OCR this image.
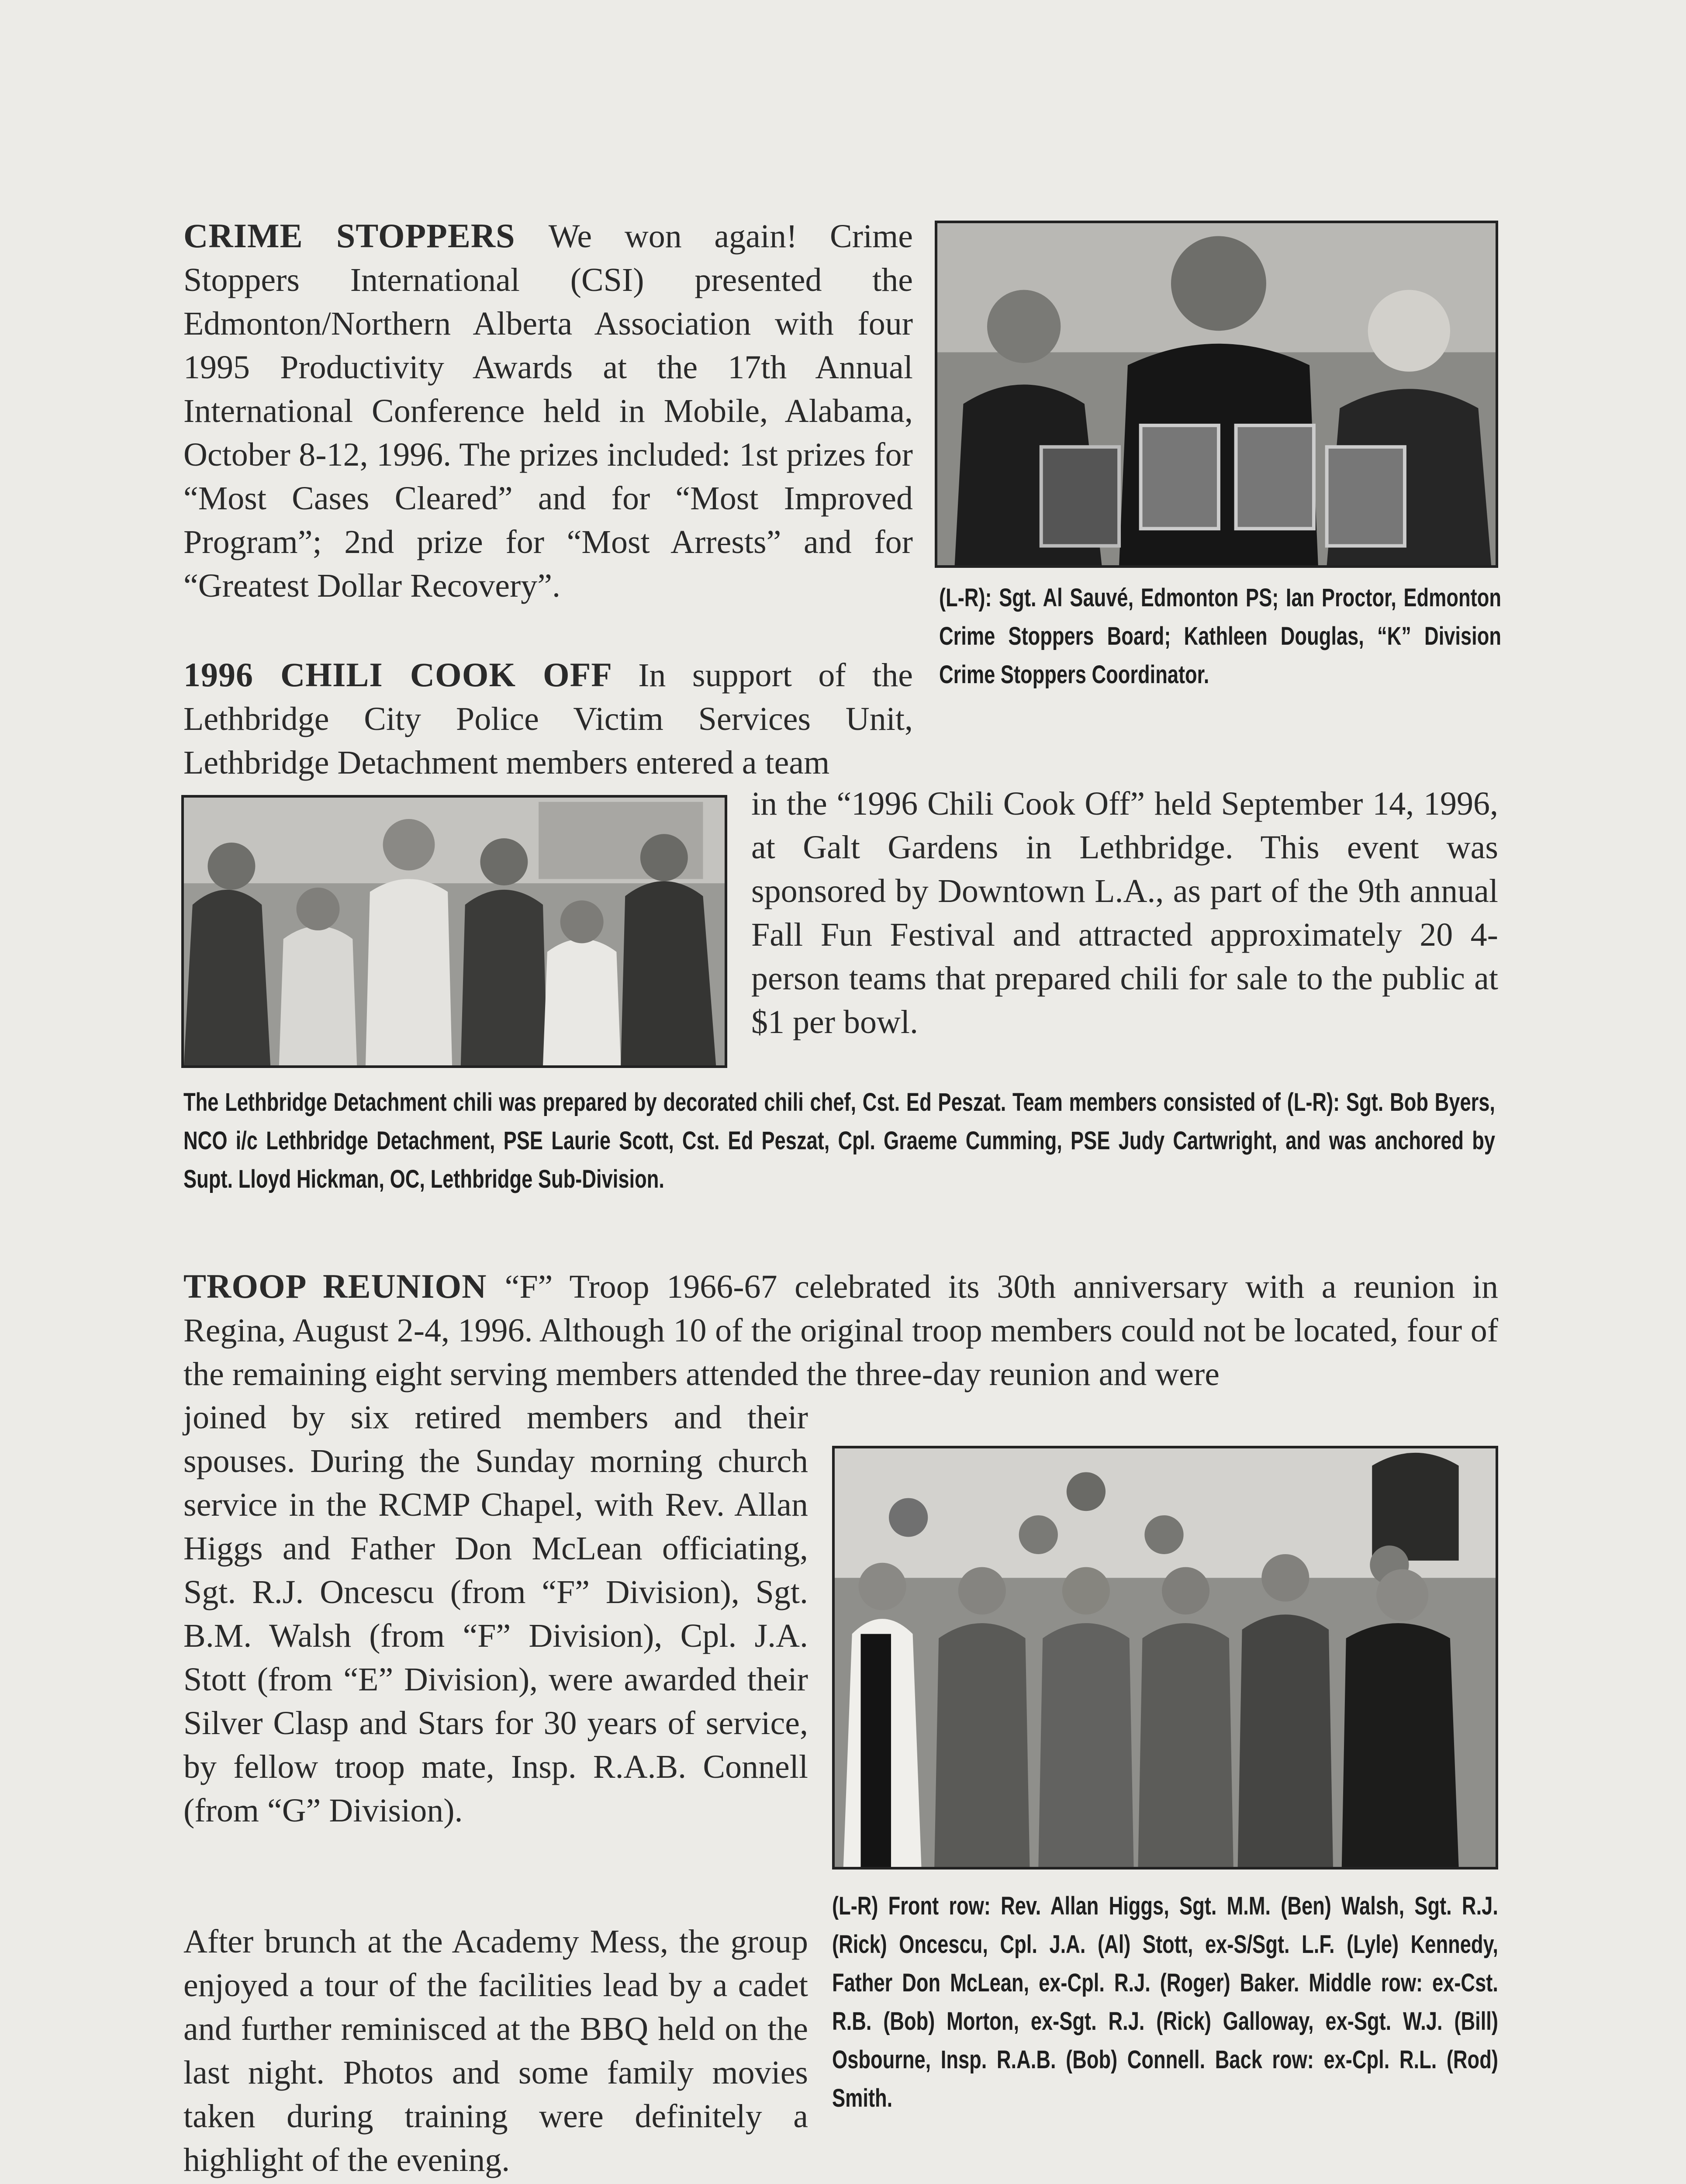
CRIME STOPPERS We won again! Crime Stoppers International (CSI) presented the Edmonton/Northern Alberta Association with four 1995 Productivity Awards at the 17th Annual International Conference held in Mobile, Alabama, October 8-12, 1996. The prizes included: 1st prizes for “Most Cases Cleared” and for “Most Improved Program”; 2nd prize for “Most Arrests” and for “Greatest Dollar Recovery”.	(L-R): Sgt. Al Sauvé, Edmonton PS; Ian Proctor, Edmonton Crime Stoppers Board; Kathleen Douglas, “K” Division Crime Stoppers Coordinator.
1996 CHILI COOK OFF In support of the Lethbridge City Police Victim Services Unit, Lethbridge Detachment members entered a team
in the “1996 Chili Cook Off” held September 14, 1996, at Galt Gardens in Lethbridge. This event was sponsored by Downtown L.A., as part of the 9th annual Fall Fun Festival and attracted approximately 20 4-person teams that prepared chili for sale to the public at $1 per bowl.
The Lethbridge Detachment chili was prepared by decorated chili chef, Cst. Ed Peszat. Team members consisted of (L-R): Sgt. Bob Byers, NCO i/c Lethbridge Detachment, PSE Laurie Scott, Cst. Ed Peszat, Cpl. Graeme Cumming, PSE Judy Cartwright, and was anchored by Supt. Lloyd Hickman, OC, Lethbridge Sub-Division.
TROOP REUNION “F” Troop 1966-67 celebrated its 30th anniversary with a reunion in Regina, August 2-4, 1996. Although 10 of the original troop members could not be located, four of the remaining eight serving members attended the three-day reunion and were
joined by six retired members and their spouses. During the Sunday morning church service in the RCMP Chapel, with Rev. Allan Higgs and Father Don McLean officiating, Sgt. R.J. Oncescu (from “F” Division), Sgt. B.M. Walsh (from “F” Division), Cpl. J.A. Stott (from “E” Division), were awarded their Silver Clasp and Stars for 30 years of service, by fellow troop mate, Insp. R.A.B. Connell (from “G” Division).
After brunch at the Academy Mess, the group enjoyed a tour of the facilities lead by a cadet and further reminisced at the BBQ held on the last night. Photos and some family movies taken during training were definitely a highlight of the evening.
(L-R) Front row: Rev. Allan Higgs, Sgt. M.M. (Ben) Walsh, Sgt. R.J. (Rick) Oncescu, Cpl. J.A. (Al) Stott, ex-S/Sgt. L.F. (Lyle) Kennedy, Father Don McLean, ex-Cpl. R.J. (Roger) Baker. Middle row: ex-Cst. R.B. (Bob) Morton, ex-Sgt. R.J. (Rick) Galloway, ex-Sgt. W.J. (Bill) Osbourne, Insp. R.A.B. (Bob) Connell. Back row: ex-Cpl. R.L. (Rod) Smith.
